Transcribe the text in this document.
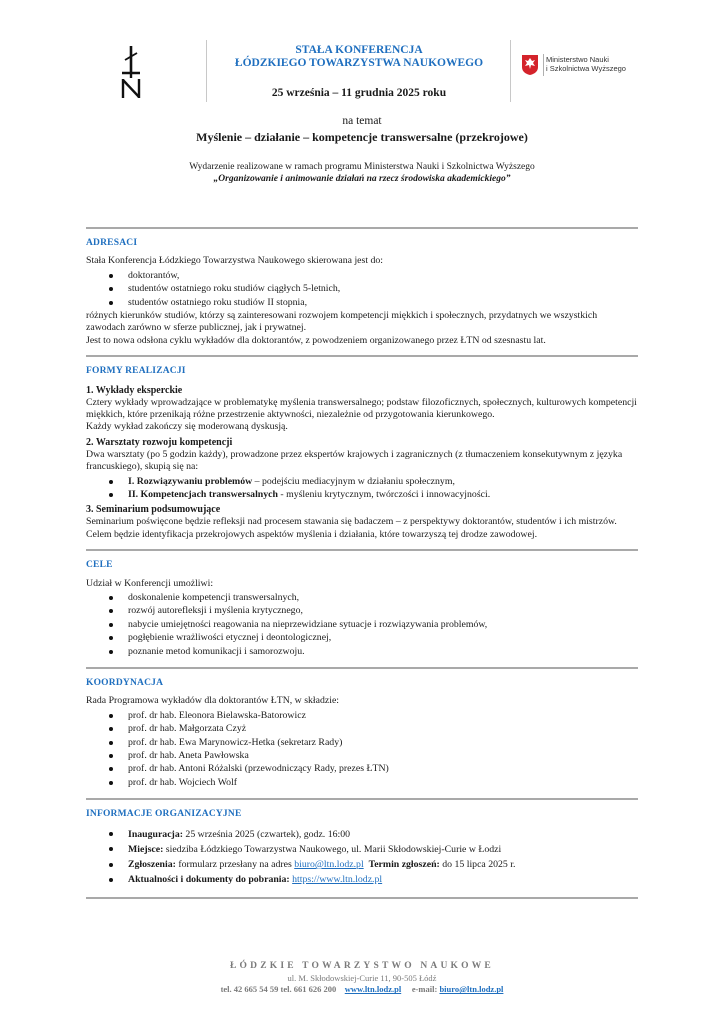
STAŁA KONFERENCJA
ŁÓDZKIEGO TOWARZYSTWA NAUKOWEGO
25 września – 11 grudnia 2025 roku
Ministerstwo Nauki
i Szkolnictwa Wyższego
na temat
Myślenie – działanie – kompetencje transwersalne (przekrojowe)
Wydarzenie realizowane w ramach programu Ministerstwa Nauki i Szkolnictwa Wyższego
„Organizowanie i animowanie działań na rzecz środowiska akademickiego”
ADRESACI

Stała Konferencja Łódzkiego Towarzystwa Naukowego skierowana jest do:

doktorantów,
studentów ostatniego roku studiów ciągłych 5-letnich,
studentów ostatniego roku studiów II stopnia,

różnych kierunków studiów, którzy są zainteresowani rozwojem kompetencji miękkich i społecznych, przydatnych we wszystkich zawodach zarówno w sferze publicznej, jak i prywatnej.

Jest to nowa odsłona cyklu wykładów dla doktorantów, z powodzeniem organizowanego przez ŁTN od szesnastu lat.

FORMY REALIZACJI
1. Wykłady eksperckie

Cztery wykłady wprowadzające w problematykę myślenia transwersalnego; podstaw filozoficznych, społecznych, kulturowych kompetencji miękkich, które przenikają różne przestrzenie aktywności, niezależnie od przygotowania kierunkowego.

Każdy wykład zakończy się moderowaną dyskusją.

2. Warsztaty rozwoju kompetencji

Dwa warsztaty (po 5 godzin każdy), prowadzone przez ekspertów krajowych i zagranicznych (z tłumaczeniem konsekutywnym z języka francuskiego), skupią się na:

I. Rozwiązywaniu problemów – podejściu mediacyjnym w działaniu społecznym,
II. Kompetencjach transwersalnych - myśleniu krytycznym, twórczości i innowacyjności.
3. Seminarium podsumowujące

Seminarium poświęcone będzie refleksji nad procesem stawania się badaczem – z perspektywy doktorantów, studentów i ich mistrzów. Celem będzie identyfikacja przekrojowych aspektów myślenia i działania, które towarzyszą tej drodze zawodowej.

CELE

Udział w Konferencji umożliwi:

doskonalenie kompetencji transwersalnych,
rozwój autorefleksji i myślenia krytycznego,
nabycie umiejętności reagowania na nieprzewidziane sytuacje i rozwiązywania problemów,
pogłębienie wrażliwości etycznej i deontologicznej,
poznanie metod komunikacji i samorozwoju.
KOORDYNACJA

Rada Programowa wykładów dla doktorantów ŁTN, w składzie:

prof. dr hab. Eleonora Bielawska-Batorowicz
prof. dr hab. Małgorzata Czyż
prof. dr hab. Ewa Marynowicz-Hetka (sekretarz Rady)
prof. dr hab. Aneta Pawłowska
prof. dr hab. Antoni Różalski (przewodniczący Rady, prezes ŁTN)
prof. dr hab. Wojciech Wolf
INFORMACJE ORGANIZACYJNE
Inauguracja: 25 września 2025 (czwartek), godz. 16:00
Miejsce: siedziba Łódzkiego Towarzystwa Naukowego, ul. Marii Skłodowskiej-Curie w Łodzi
Zgłoszenia: formularz przesłany na adres biuro@ltn.lodz.pl Termin zgłoszeń: do 15 lipca 2025 r.
Aktualności i dokumenty do pobrania: https://www.ltn.lodz.pl
ŁÓDZKIE TOWARZYSTWO NAUKOWE
ul. M. Skłodowskiej-Curie 11, 90-505 Łódź
tel. 42 665 54 59 tel. 661 626 200 www.ltn.lodz.pl e-mail: biuro@ltn.lodz.pl
